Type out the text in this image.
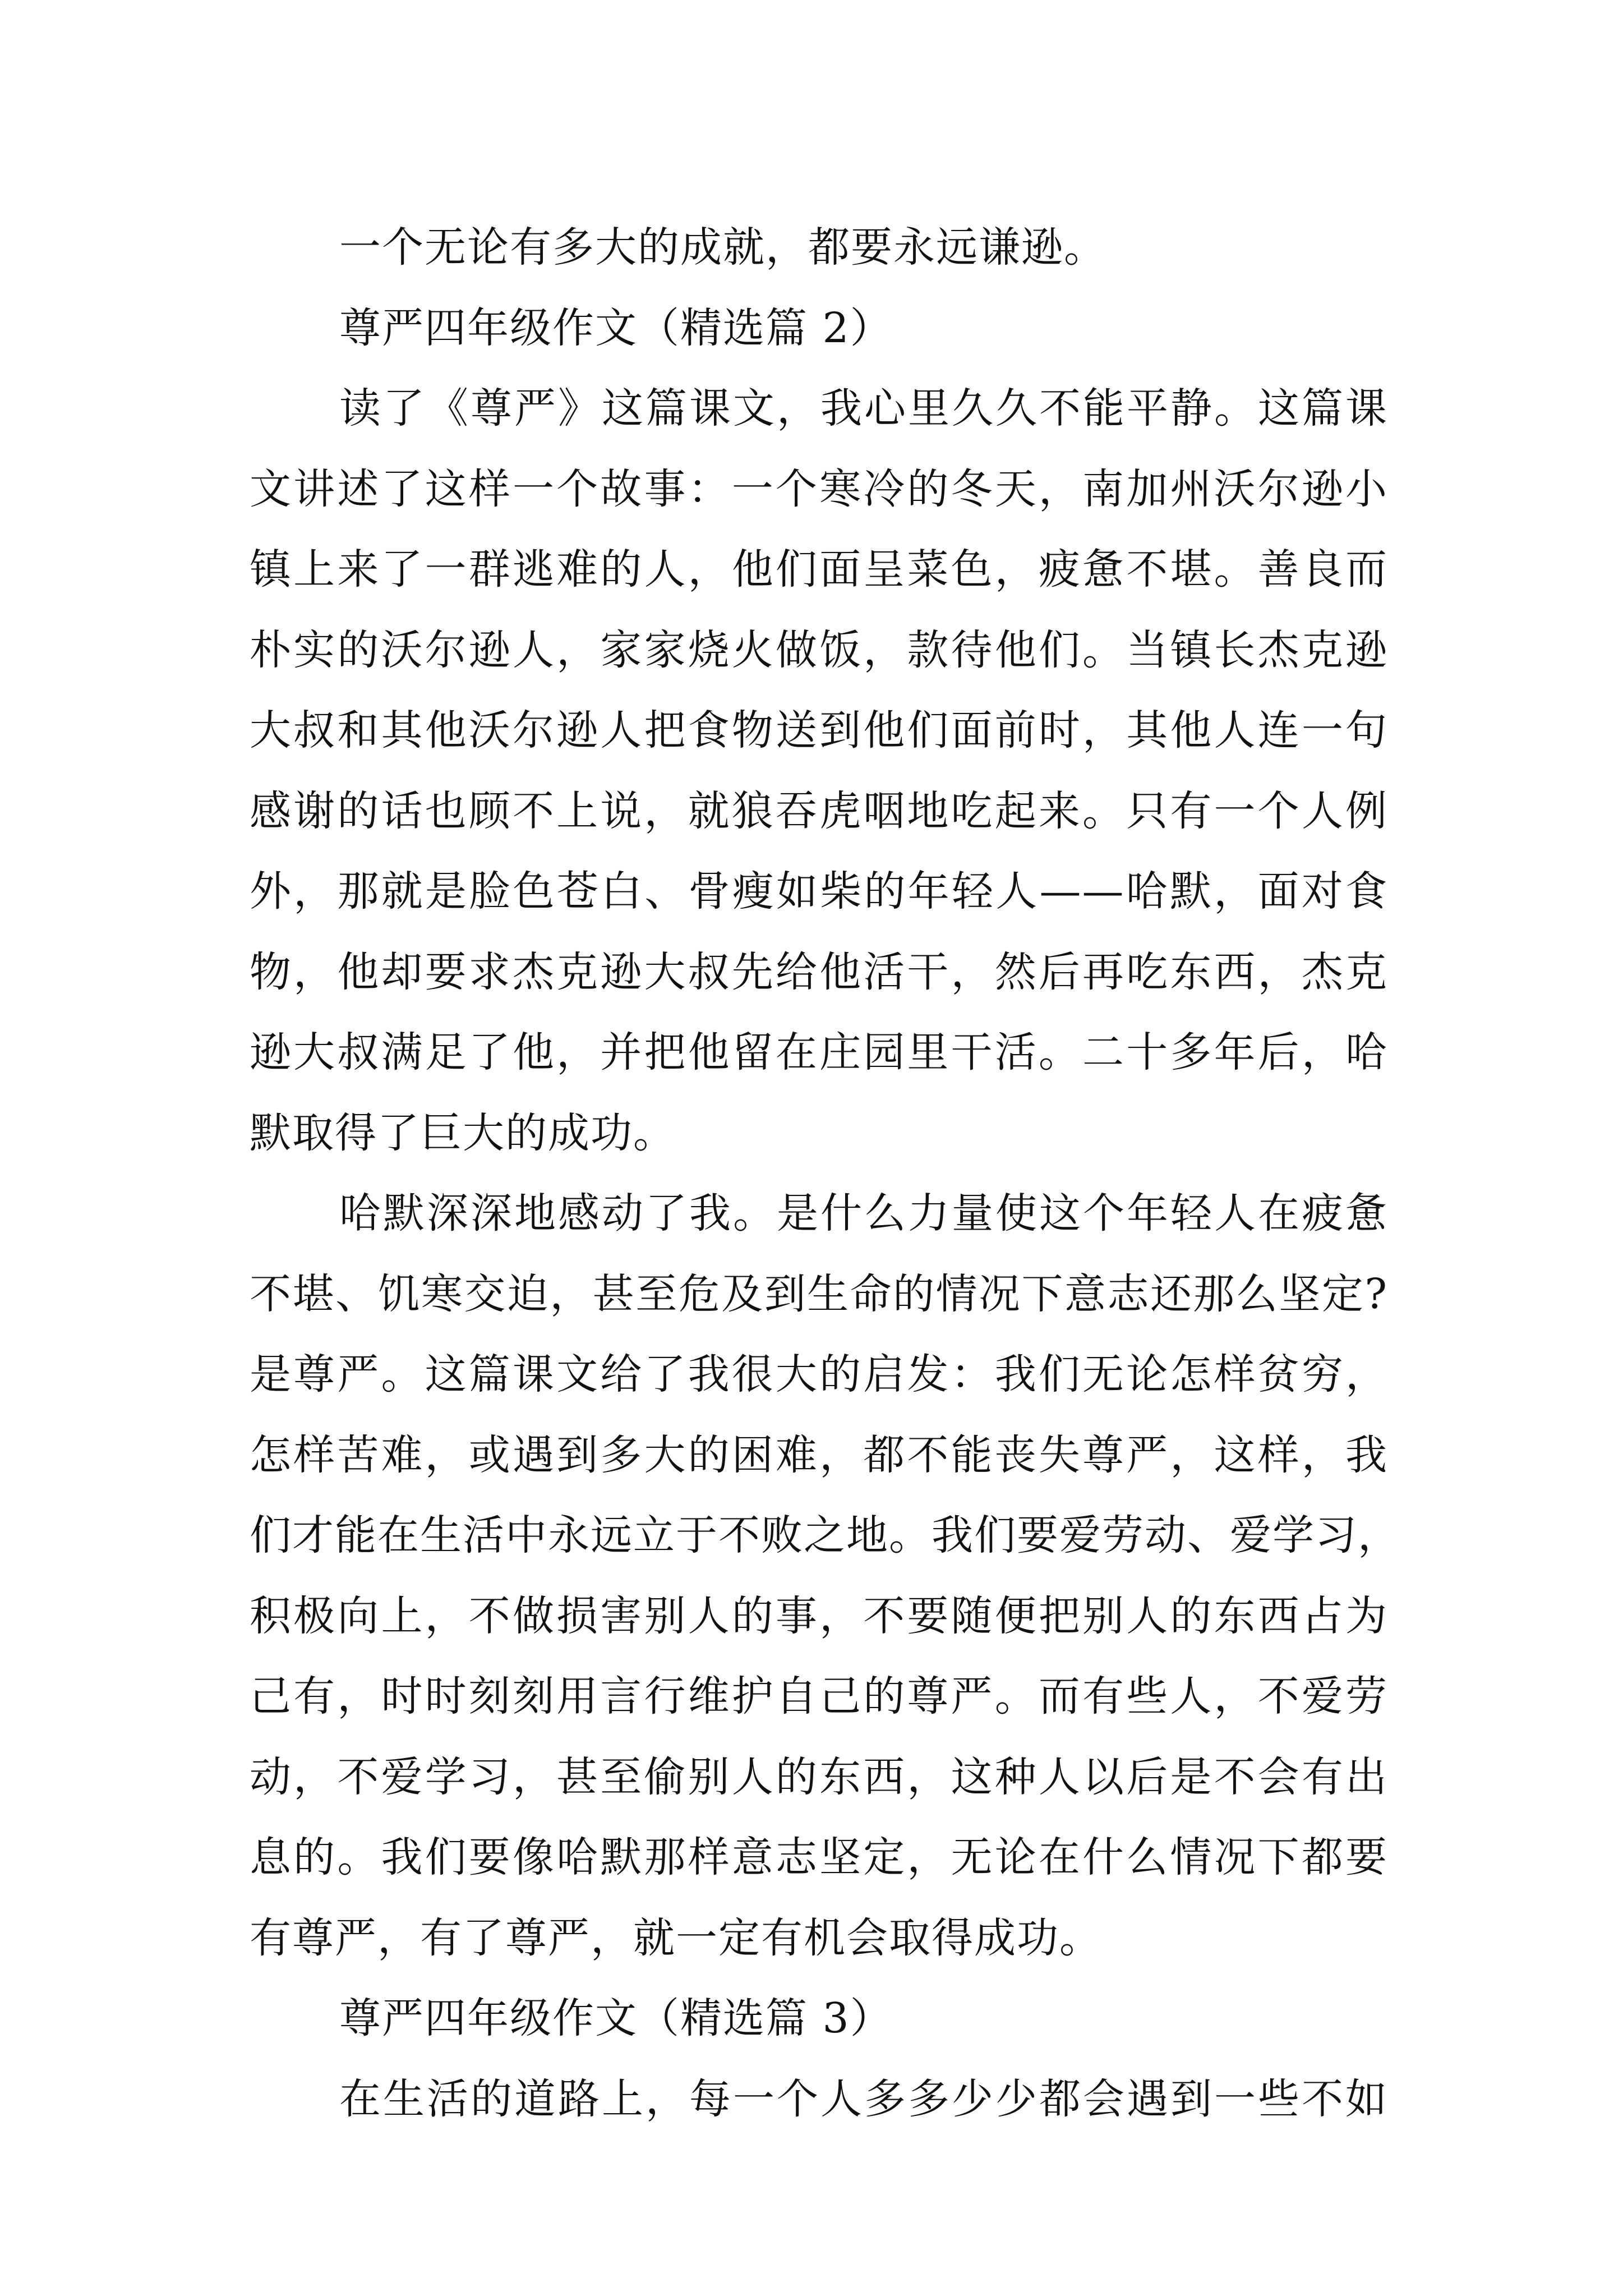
一个无论有多大的成就，都要永远谦逊。
尊严四年级作文（精选篇 2）
读了《尊严》这篇课文，我心里久久不能平静。这篇课
文讲述了这样一个故事：一个寒冷的冬天，南加州沃尔逊小
镇上来了一群逃难的人，他们面呈菜色，疲惫不堪。善良而
朴实的沃尔逊人，家家烧火做饭，款待他们。当镇长杰克逊
大叔和其他沃尔逊人把食物送到他们面前时，其他人连一句
感谢的话也顾不上说，就狼吞虎咽地吃起来。只有一个人例
外，那就是脸色苍白、骨瘦如柴的年轻人——哈默，面对食
物，他却要求杰克逊大叔先给他活干，然后再吃东西，杰克
逊大叔满足了他，并把他留在庄园里干活。二十多年后，哈
默取得了巨大的成功。
哈默深深地感动了我。是什么力量使这个年轻人在疲惫
不堪、饥寒交迫，甚至危及到生命的情况下意志还那么坚定?
是尊严。这篇课文给了我很大的启发：我们无论怎样贫穷，
怎样苦难，或遇到多大的困难，都不能丧失尊严，这样，我
们才能在生活中永远立于不败之地。我们要爱劳动、爱学习，
积极向上，不做损害别人的事，不要随便把别人的东西占为
己有，时时刻刻用言行维护自己的尊严。而有些人，不爱劳
动，不爱学习，甚至偷别人的东西，这种人以后是不会有出
息的。我们要像哈默那样意志坚定，无论在什么情况下都要
有尊严，有了尊严，就一定有机会取得成功。
尊严四年级作文（精选篇 3）
在生活的道路上，每一个人多多少少都会遇到一些不如
